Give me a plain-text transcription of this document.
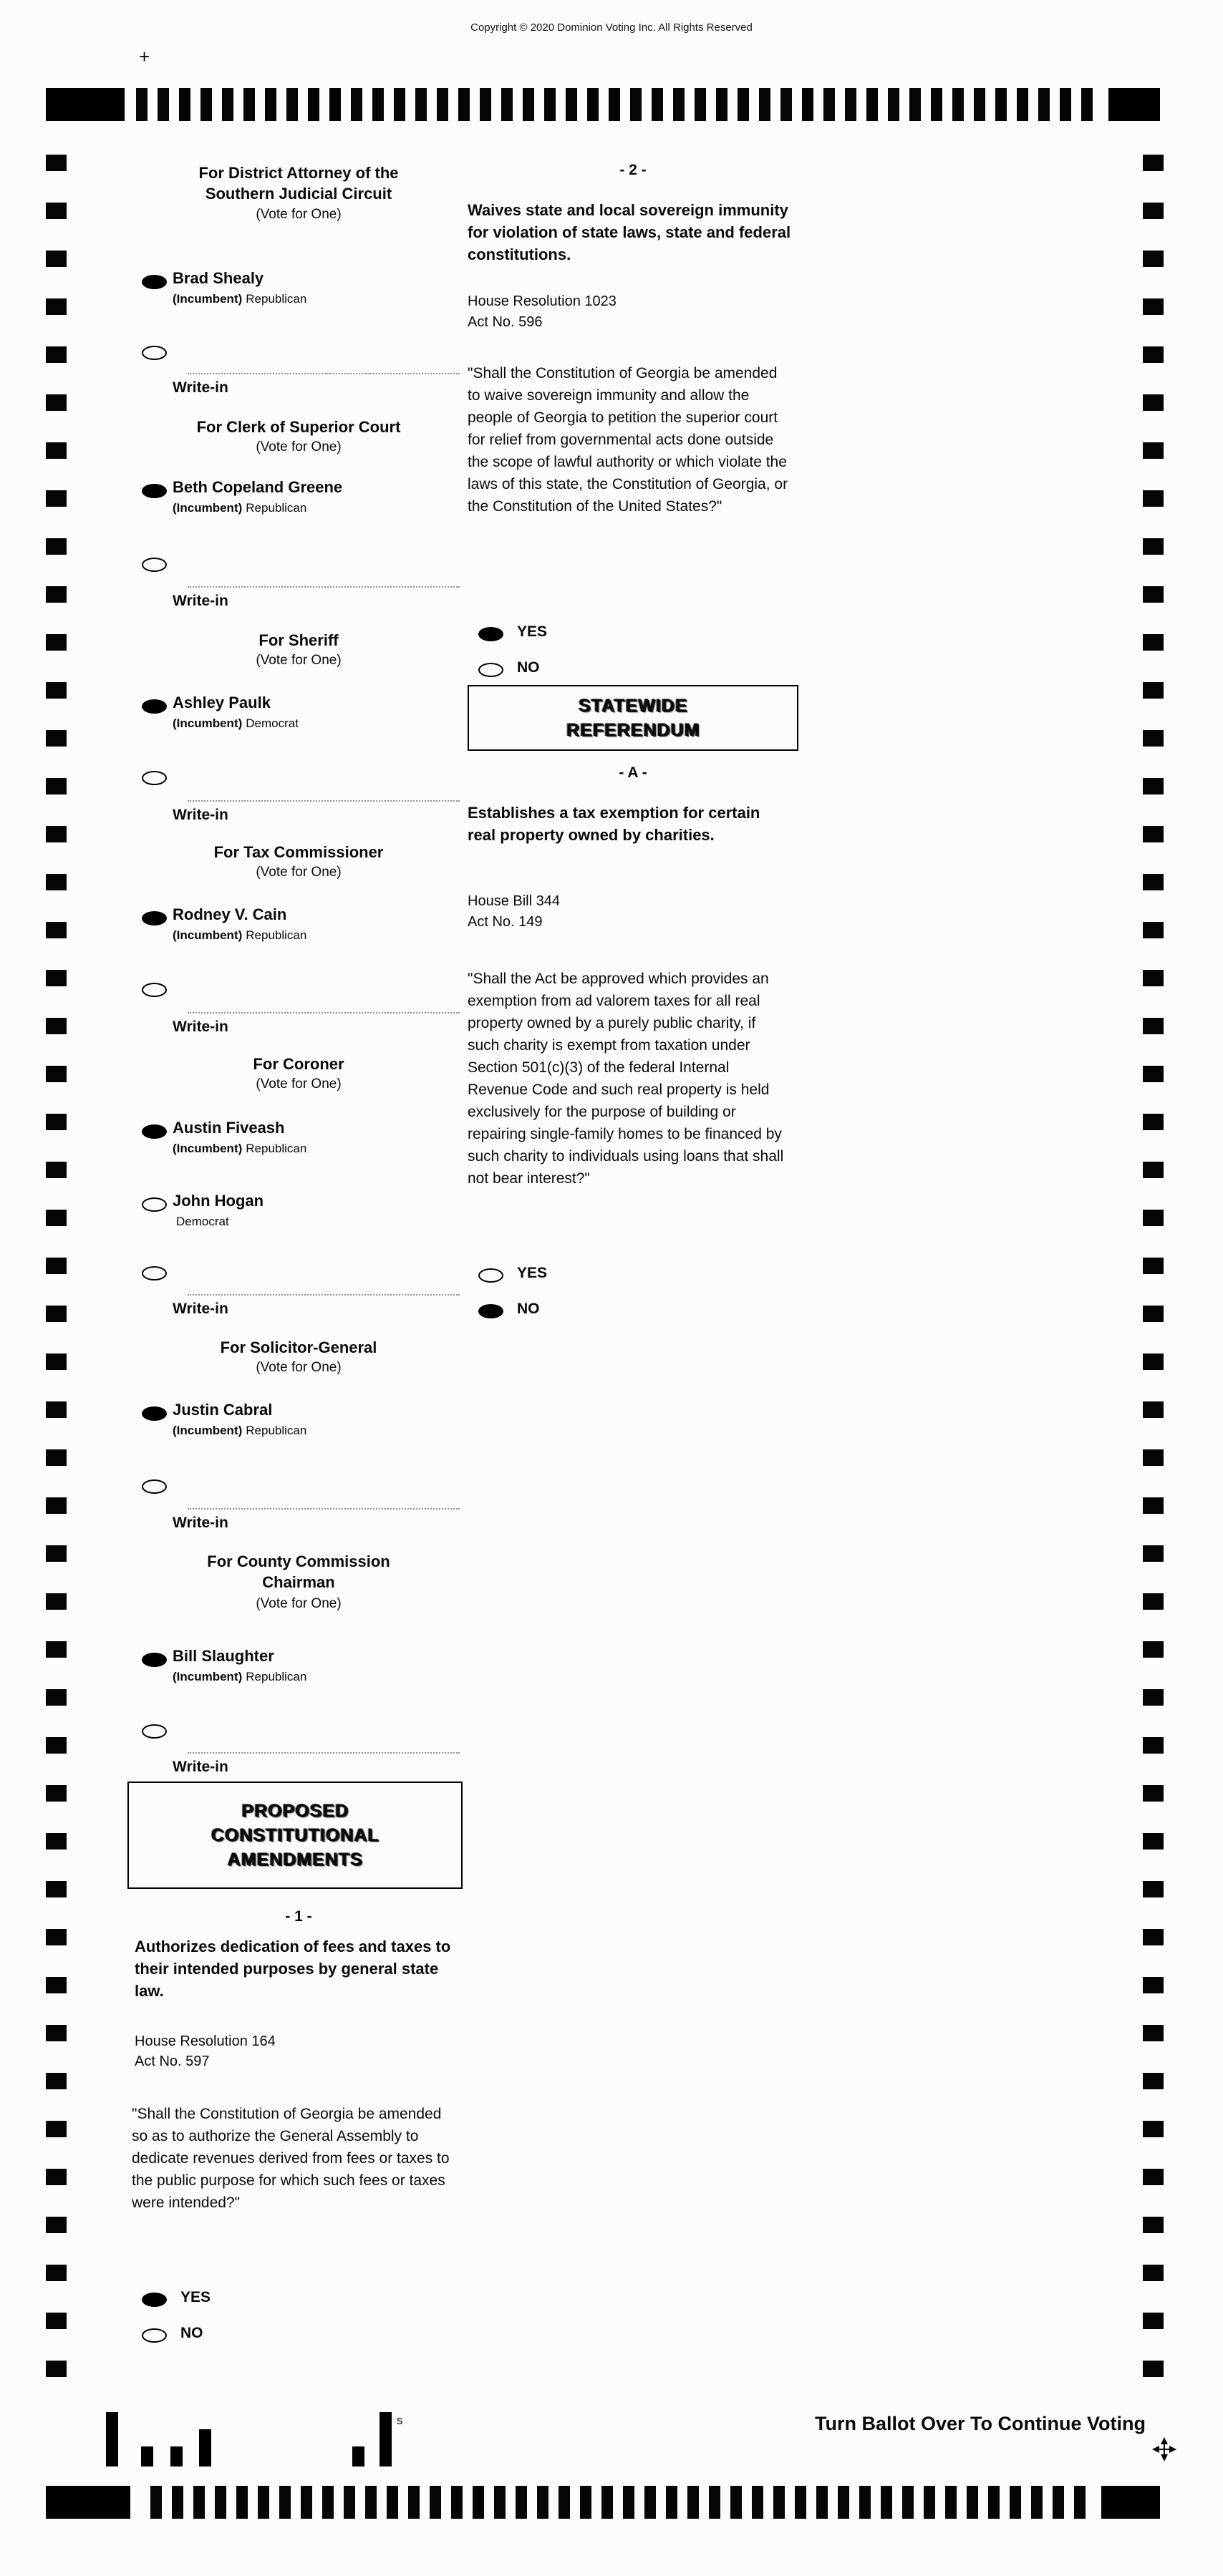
Copyright © 2020 Dominion Voting Inc. All Rights Reserved
+
For District Attorney of the
Southern Judicial Circuit
(Vote for One)
Brad Shealy
(Incumbent) Republican
Write-in
For Clerk of Superior Court
(Vote for One)
Beth Copeland Greene
(Incumbent) Republican
Write-in
For Sheriff
(Vote for One)
Ashley Paulk
(Incumbent) Democrat
Write-in
For Tax Commissioner
(Vote for One)
Rodney V. Cain
(Incumbent) Republican
Write-in
For Coroner
(Vote for One)
Austin Fiveash
(Incumbent) Republican
John Hogan
Democrat
Write-in
For Solicitor-General
(Vote for One)
Justin Cabral
(Incumbent) Republican
Write-in
For County Commission
Chairman
(Vote for One)
Bill Slaughter
(Incumbent) Republican
Write-in
PROPOSED
CONSTITUTIONAL
AMENDMENTS
- 1 -
Authorizes dedication of fees and taxes to their intended purposes by general state law.
House Resolution 164
Act No. 597
"Shall the Constitution of Georgia be amended so as to authorize the General Assembly to dedicate revenues derived from fees or taxes to the public purpose for which such fees or taxes were intended?"
YES
NO
- 2 -
Waives state and local sovereign immunity for violation of state laws, state and federal constitutions.
House Resolution 1023
Act No. 596
"Shall the Constitution of Georgia be amended to waive sovereign immunity and allow the people of Georgia to petition the superior court for relief from governmental acts done outside the scope of lawful authority or which violate the laws of this state, the Constitution of Georgia, or the Constitution of the United States?"
YES
NO
STATEWIDE
REFERENDUM
- A -
Establishes a tax exemption for certain real property owned by charities.
House Bill 344
Act No. 149
"Shall the Act be approved which provides an exemption from ad valorem taxes for all real property owned by a purely public charity, if such charity is exempt from taxation under Section 501(c)(3) of the federal Internal Revenue Code and such real property is held exclusively for the purpose of building or repairing single-family homes to be financed by such charity to individuals using loans that shall not bear interest?"
YES
NO
Turn Ballot Over To Continue Voting
s
